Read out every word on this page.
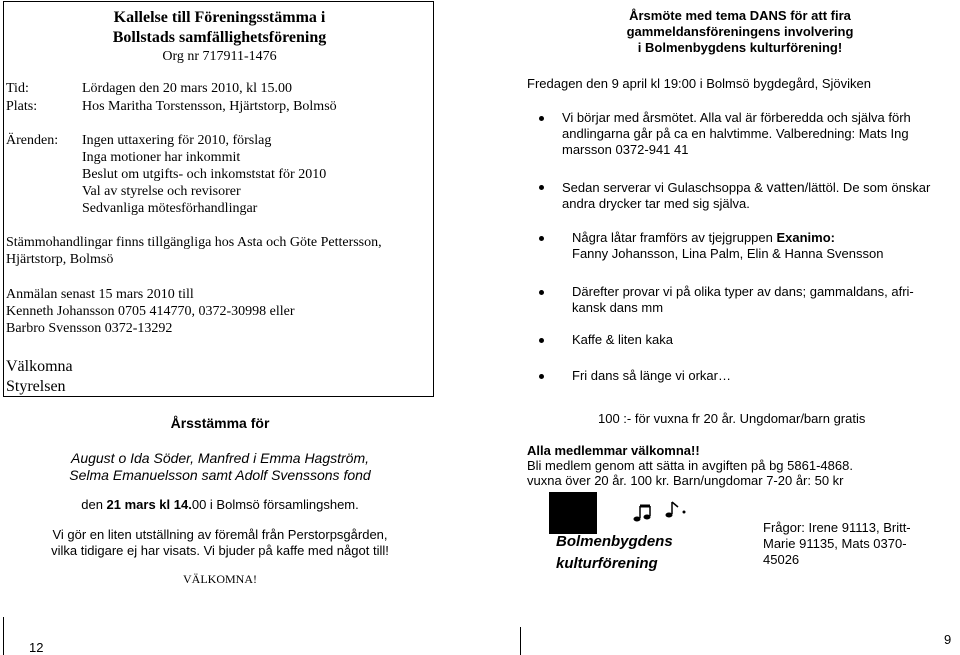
Kallelse till Föreningsstämma i
Bollstads samfällighetsförening
Org nr 717911-1476
Tid:	Lördagen den 20 mars 2010, kl 15.00
Plats:	Hos Maritha Torstensson, Hjärtstorp, Bolmsö
Ärenden: Ingen uttaxering för 2010, förslag
Inga motioner har inkommit
Beslut om utgifts- och inkomststat för 2010
Val av styrelse och revisorer
Sedvanliga mötesförhandlingar
Stämmohandlingar finns tillgängliga hos Asta och Göte Pettersson,
Hjärtstorp, Bolmsö
Anmälan senast 15 mars 2010 till
Kenneth Johansson 0705 414770, 0372-30998 eller
Barbro Svensson 0372-13292
Välkomna
Styrelsen
Årsstämma för
August o Ida Söder, Manfred i Emma Hagström,
Selma Emanuelsson samt Adolf Svenssons fond
den 21 mars kl 14.00 i Bolmsö församlingshem.
Vi gör en liten utställning av föremål från Perstorpsgården,
vilka tidigare ej har visats. Vi bjuder på kaffe med något till!
VÄLKOMNA!
Årsmöte med tema DANS för att fira
gammeldansföreningens involvering
i Bolmenbygdens kulturförening!
Fredagen den 9 april kl 19:00 i Bolmsö bygdegård, Sjöviken
Vi börjar med årsmötet. Alla val är förberedda och själva förh
andlingarna går på ca en halvtimme. Valberedning: Mats Ing
marsson 0372-941 41
Sedan serverar vi Gulaschsoppa & vatten/lättöl. De som önskar
andra drycker tar med sig själva.
Några låtar framförs av tjejgruppen Exanimo:
Fanny Johansson, Lina Palm, Elin & Hanna Svensson
Därefter provar vi på olika typer av dans; gammaldans, afri-
kansk dans mm
Kaffe & liten kaka
Fri dans så länge vi orkar…
100 :- för vuxna fr 20 år. Ungdomar/barn gratis
Alla medlemmar välkomna!!
Bli medlem genom att sätta in avgiften på bg 5861-4868.
vuxna över 20 år. 100 kr. Barn/ungdomar 7-20 år: 50 kr
Bolmenbygdens
kulturförening
Frågor: Irene 91113, Britt-
Marie 91135, Mats 0370-
45026
12
9
